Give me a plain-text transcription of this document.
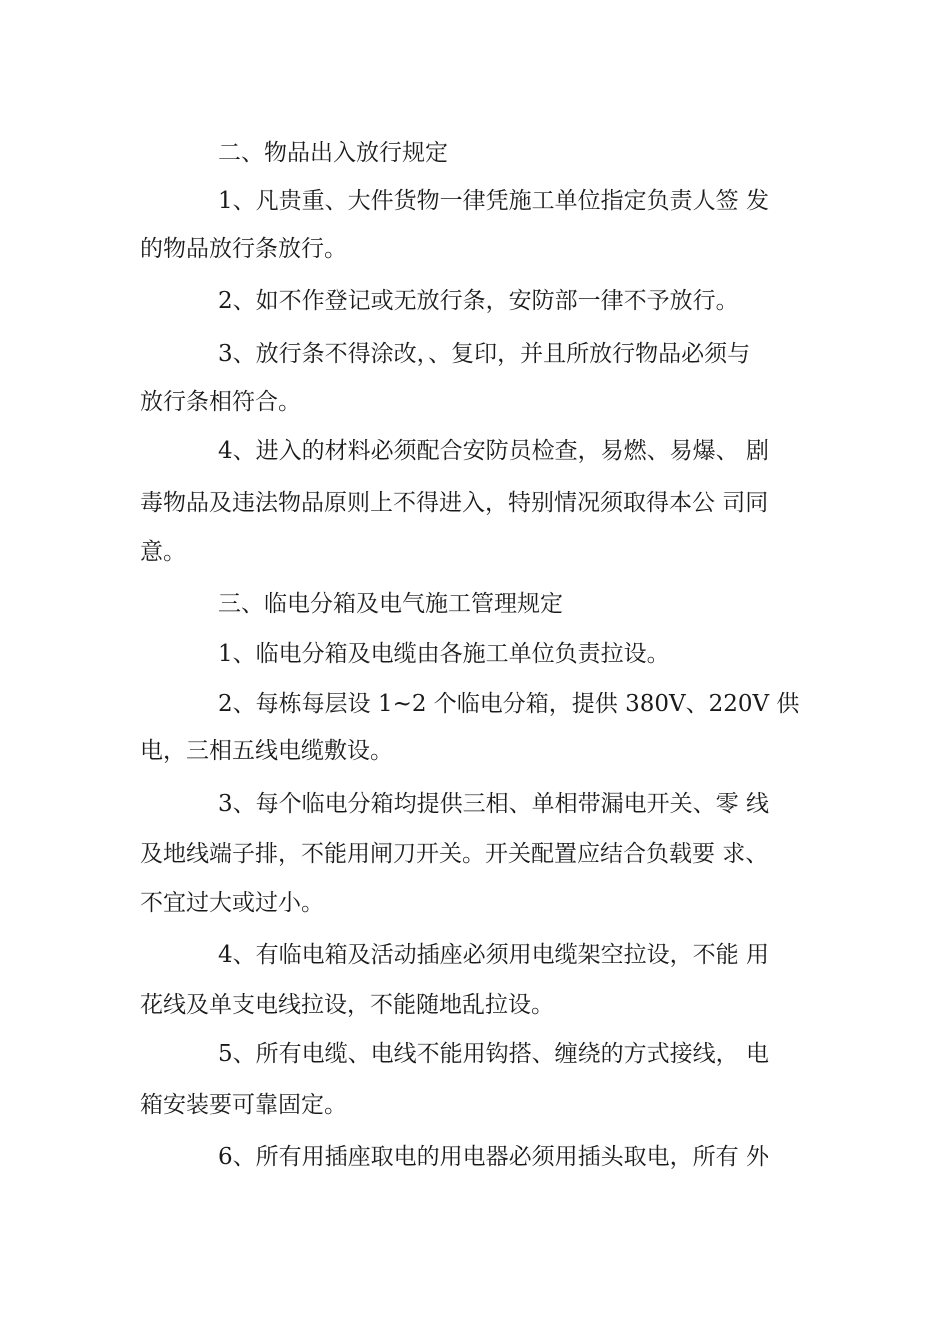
二、物品出入放行规定
1、凡贵重、大件货物一律凭施工单位指定负责人签 发
的物品放行条放行。
2、如不作登记或无放行条，安防部一律不予放行。
3、放行条不得涂改，、复印，并且所放行物品必须与
放行条相符合。
4、进入的材料必须配合安防员检查，易燃、易爆、 剧
毒物品及违法物品原则上不得进入，特别情况须取得本公 司同
意。
三、临电分箱及电气施工管理规定
1、临电分箱及电缆由各施工单位负责拉设。
2、每栋每层设 1~2 个临电分箱，提供 380V、220V 供
电，三相五线电缆敷设。
3、每个临电分箱均提供三相、单相带漏电开关、零 线
及地线端子排，不能用闸刀开关。开关配置应结合负载要 求、
不宜过大或过小。
4、有临电箱及活动插座必须用电缆架空拉设，不能 用
花线及单支电线拉设，不能随地乱拉设。
5、所有电缆、电线不能用钩搭、缠绕的方式接线， 电
箱安装要可靠固定。
6、所有用插座取电的用电器必须用插头取电，所有 外
